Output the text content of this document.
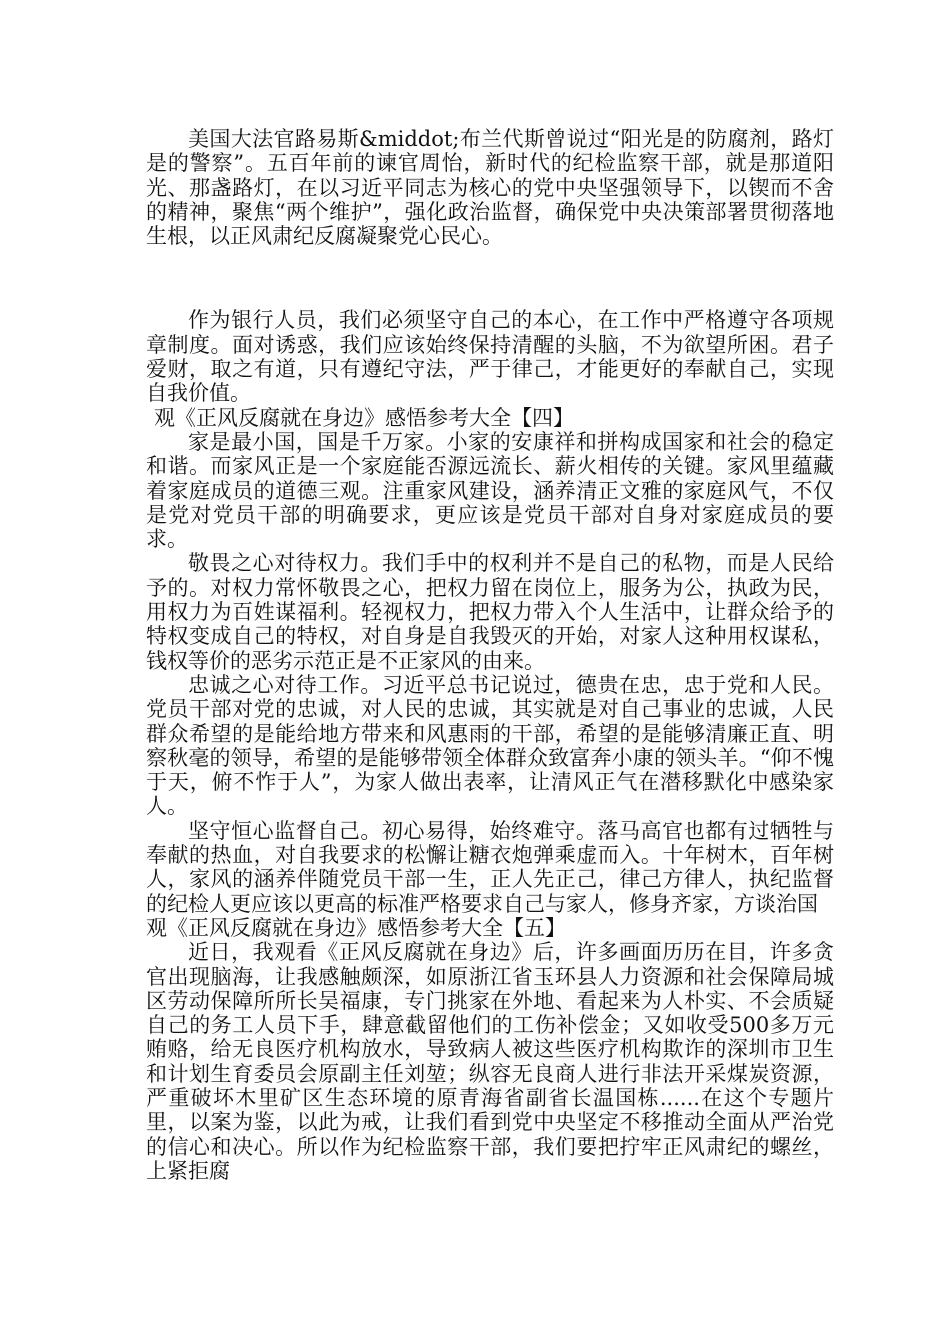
美国大法官路易斯&middot;布兰代斯曾说过“阳光是的防腐剂，路灯是的警察”。五百年前的谏官周怡，新时代的纪检监察干部，就是那道阳光、那盏路灯，在以习近平同志为核心的党中央坚强领导下，以锲而不舍的精神，聚焦“两个维护”，强化政治监督，确保党中央决策部署贯彻落地生根，以正风肃纪反腐凝聚党心民心。

作为银行人员，我们必须坚守自己的本心，在工作中严格遵守各项规章制度。面对诱惑，我们应该始终保持清醒的头脑，不为欲望所困。君子爱财，取之有道，只有遵纪守法，严于律己，才能更好的奉献自己，实现自我价值。

观《正风反腐就在身边》感悟参考大全【四】

家是最小国，国是千万家。小家的安康祥和拼构成国家和社会的稳定和谐。而家风正是一个家庭能否源远流长、薪火相传的关键。家风里蕴藏着家庭成员的道德三观。注重家风建设，涵养清正文雅的家庭风气，不仅是党对党员干部的明确要求，更应该是党员干部对自身对家庭成员的要求。

敬畏之心对待权力。我们手中的权利并不是自己的私物，而是人民给予的。对权力常怀敬畏之心，把权力留在岗位上，服务为公，执政为民，用权力为百姓谋福利。轻视权力，把权力带入个人生活中，让群众给予的特权变成自己的特权，对自身是自我毁灭的开始，对家人这种用权谋私，钱权等价的恶劣示范正是不正家风的由来。

忠诚之心对待工作。习近平总书记说过，德贵在忠，忠于党和人民。党员干部对党的忠诚，对人民的忠诚，其实就是对自己事业的忠诚，人民群众希望的是能给地方带来和风惠雨的干部，希望的是能够清廉正直、明察秋毫的领导，希望的是能够带领全体群众致富奔小康的领头羊。“仰不愧于天，俯不怍于人”，为家人做出表率，让清风正气在潜移默化中感染家人。

坚守恒心监督自己。初心易得，始终难守。落马高官也都有过牺牲与奉献的热血，对自我要求的松懈让糖衣炮弹乘虚而入。十年树木，百年树人，家风的涵养伴随党员干部一生，正人先正己，律己方律人，执纪监督的纪检人更应该以更高的标准严格要求自己与家人，修身齐家，方谈治国

观《正风反腐就在身边》感悟参考大全【五】

近日，我观看《正风反腐就在身边》后，许多画面历历在目，许多贪官出现脑海，让我感触颇深，如原浙江省玉环县人力资源和社会保障局城区劳动保障所所长吴福康，专门挑家在外地、看起来为人朴实、不会质疑自己的务工人员下手，肆意截留他们的工伤补偿金；又如收受500多万元贿赂，给无良医疗机构放水，导致病人被这些医疗机构欺诈的深圳市卫生和计划生育委员会原副主任刘堃；纵容无良商人进行非法开采煤炭资源，严重破坏木里矿区生态环境的原青海省副省长温国栋......在这个专题片里，以案为鉴，以此为戒，让我们看到党中央坚定不移推动全面从严治党的信心和决心。所以作为纪检监察干部，我们要把拧牢正风肃纪的螺丝，上紧拒腐
